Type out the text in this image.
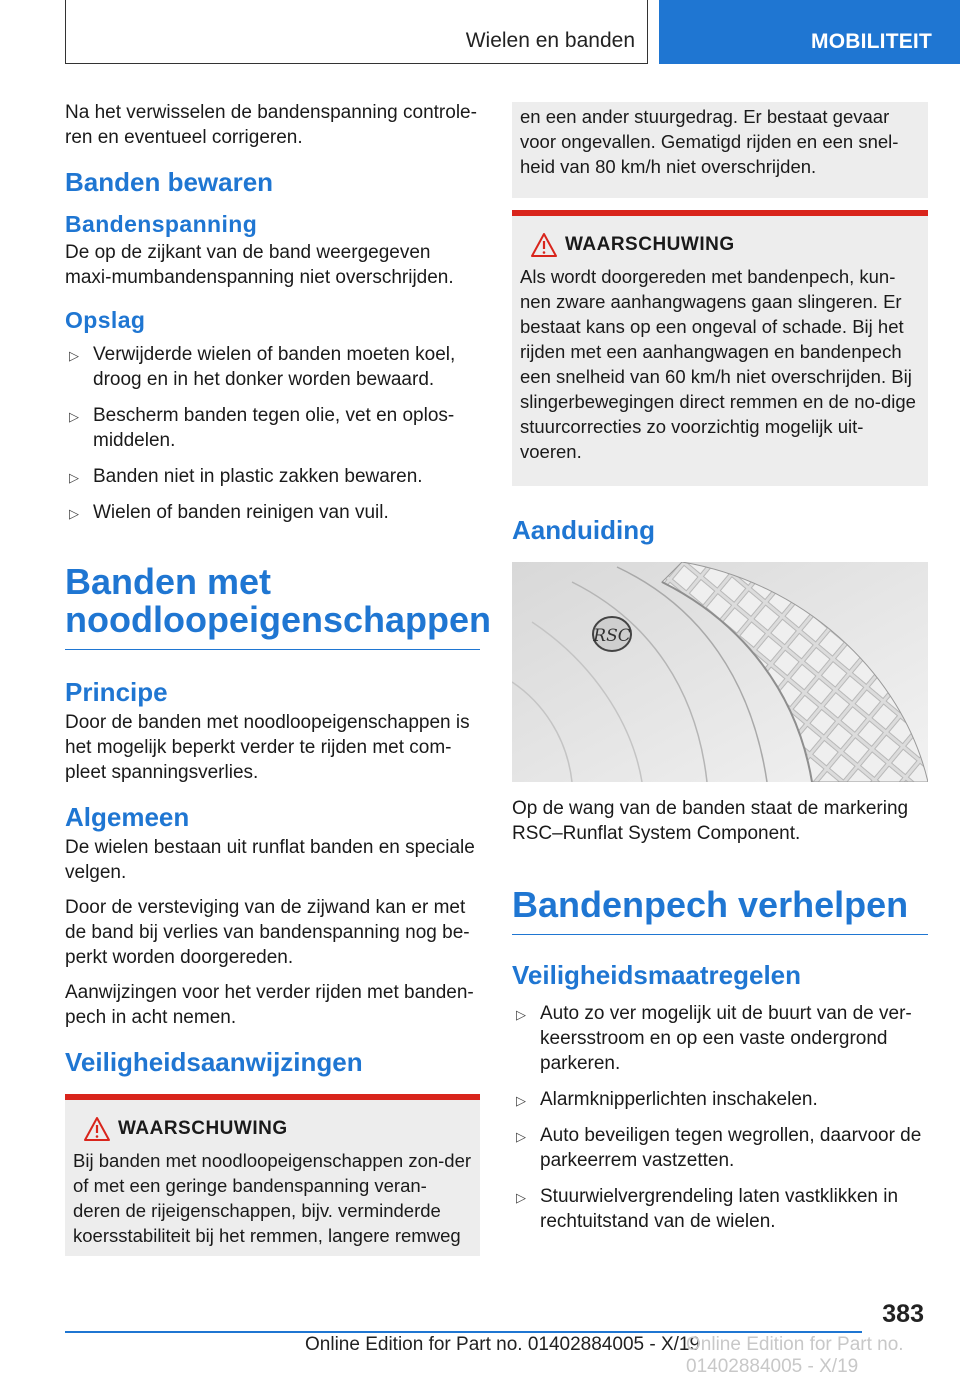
Wielen en banden	MOBILITEIT

Na het verwisselen de bandenspanning controle-ren en eventueel corrigeren.

Banden bewaren
Bandenspanning

De op de zijkant van de band weergegeven maxi-mumbandenspanning niet overschrijden.

Opslag
▷ Verwijderde wielen of banden moeten koel, droog en in het donker worden bewaard.
▷ Bescherm banden tegen olie, vet en oplos-middelen.
▷ Banden niet in plastic zakken bewaren.
▷ Wielen of banden reinigen van vuil.
Banden met noodloopeigenschappen
Principe

Door de banden met noodloopeigenschappen is het mogelijk beperkt verder te rijden met com-pleet spanningsverlies.

Algemeen

De wielen bestaan uit runflat banden en speciale velgen.

Door de versteviging van de zijwand kan er met de band bij verlies van bandenspanning nog be-perkt worden doorgereden.

Aanwijzingen voor het verder rijden met banden-pech in acht nemen.

Veiligheidsaanwijzingen
WAARSCHUWING

Bij banden met noodloopeigenschappen zon-der of met een geringe bandenspanning veran-deren de rijeigenschappen, bijv. verminderde koersstabiliteit bij het remmen, langere remweg

en een ander stuurgedrag. Er bestaat gevaar voor ongevallen. Gematigd rijden en een snel-heid van 80 km/h niet overschrijden.

WAARSCHUWING

Als wordt doorgereden met bandenpech, kun-nen zware aanhangwagens gaan slingeren. Er bestaat kans op een ongeval of schade. Bij het rijden met een aanhangwagen en bandenpech een snelheid van 60 km/h niet overschrijden. Bij slingerbewegingen direct remmen en de no-dige stuurcorrecties zo voorzichtig mogelijk uit-voeren.

Aanduiding
RSC

Op de wang van de banden staat de markering RSC–Runflat System Component.

Bandenpech verhelpen
Veiligheidsmaatregelen
▷ Auto zo ver mogelijk uit de buurt van de ver-keersstroom en op een vaste ondergrond parkeren.
▷ Alarmknipperlichten inschakelen.
▷ Auto beveiligen tegen wegrollen, daarvoor de parkeerrem vastzetten.
▷ Stuurwielvergrendeling laten vastklikken in rechtuitstand van de wielen.
383
Online Edition for Part no. 01402884005 - X/19
Online Edition for Part no. 01402884005 - X/19
